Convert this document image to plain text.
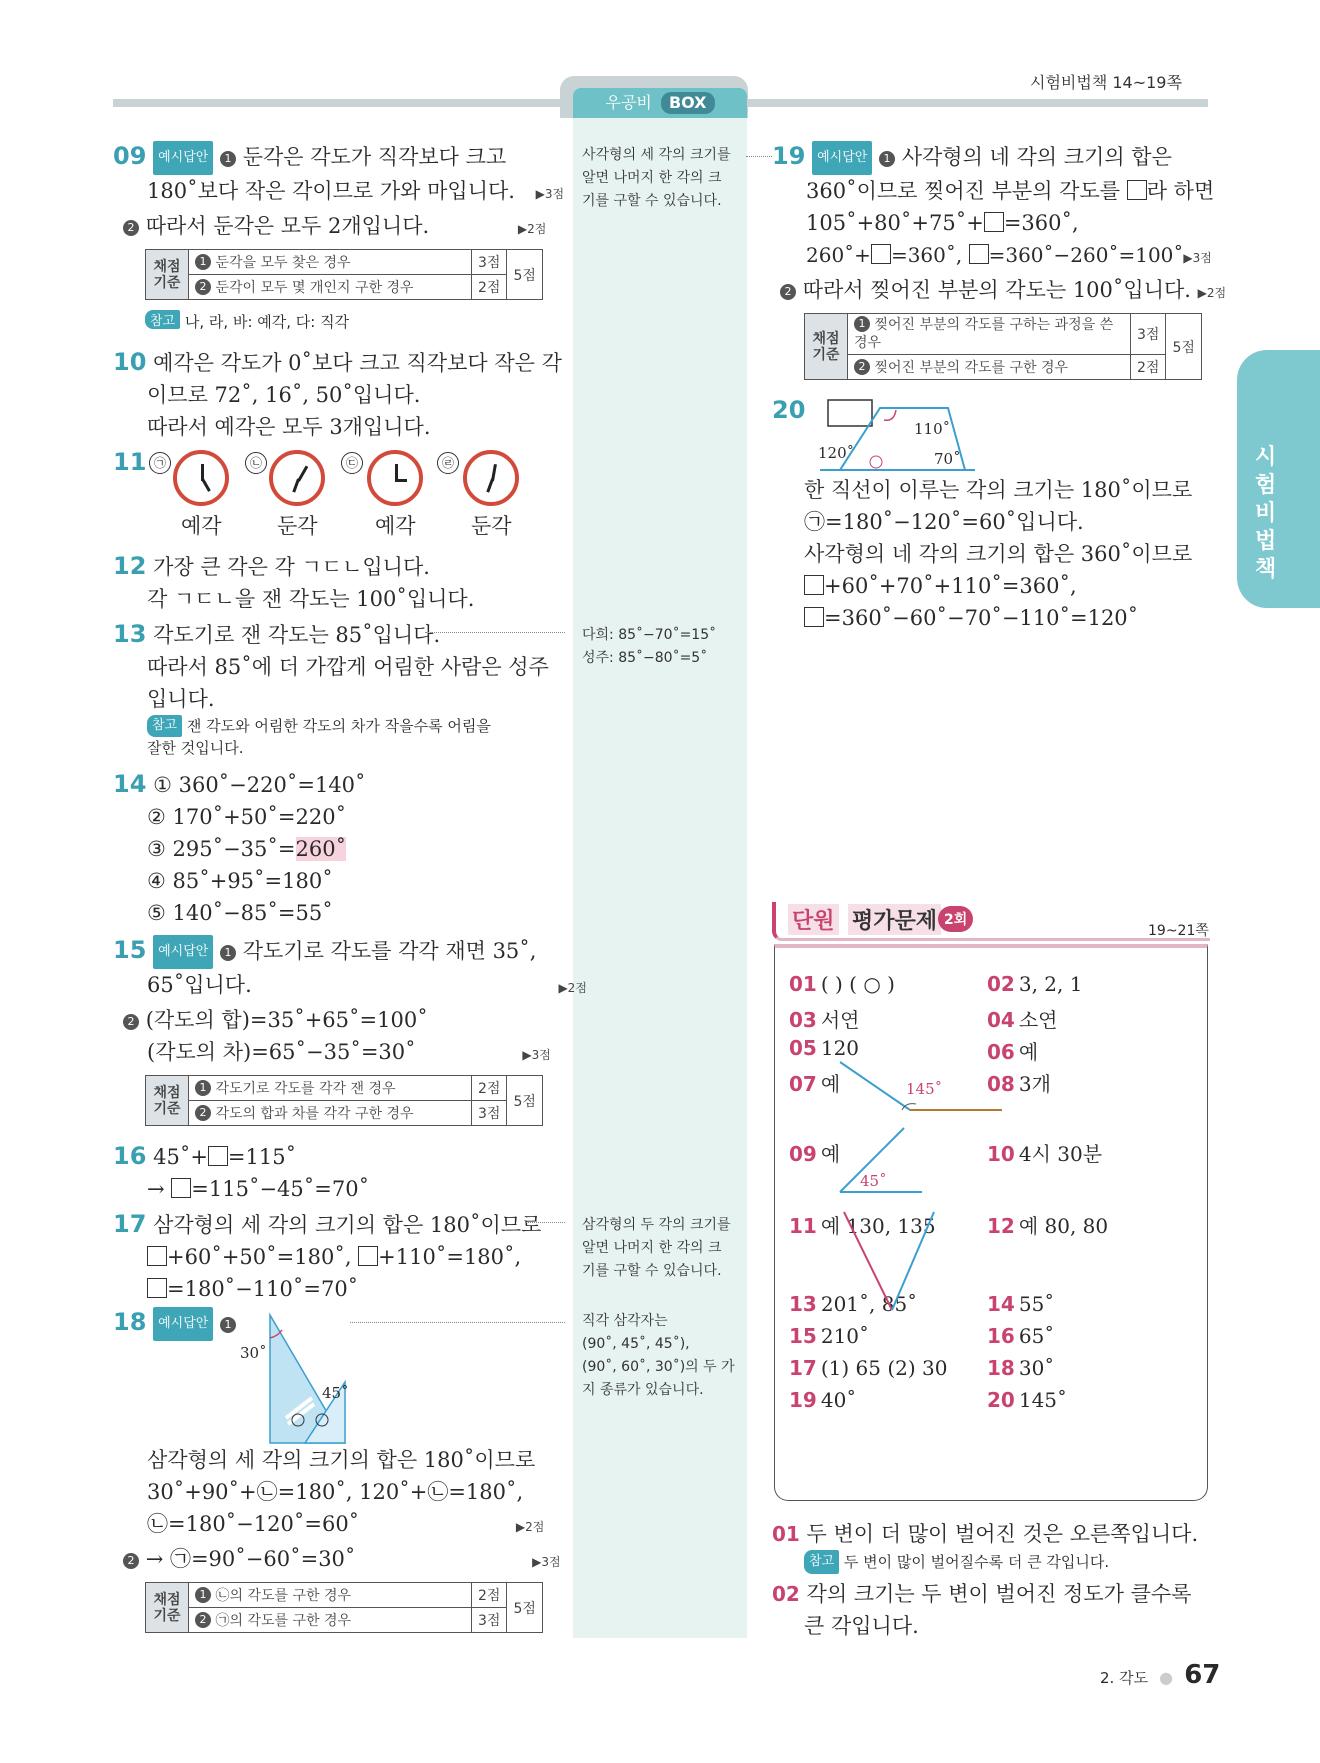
우공비 BOX
시험비법책 14~19쪽
시
험
비
법
책
09 예시답안 1 둔각은 각도가 직각보다 크고
180˚보다 작은 각이므로 가와 마입니다. ▶3점
2 따라서 둔각은 모두 2개입니다.	▶2점
채점
기준	1 둔각을 모두 찾은 경우	3점	5점
	2 둔각이 모두 몇 개인지 구한 경우	2점	
참고 나, 라, 바: 예각, 다: 직각
10 예각은 각도가 0˚보다 크고 직각보다 작은 각
이므로 72˚, 16˚, 50˚입니다.
따라서 예각은 모두 3개입니다.
11 ㉠	㉡	㉢	㉣
예각	둔각	예각	둔각
12 가장 큰 각은 각 ㄱㄷㄴ입니다.
각 ㄱㄷㄴ을 잰 각도는 100˚입니다.
13 각도기로 잰 각도는 85˚입니다.
따라서 85˚에 더 가깝게 어림한 사람은 성주
입니다.
참고 잰 각도와 어림한 각도의 차가 작을수록 어림을
잘한 것입니다.
14 ① 360˚−220˚=140˚
② 170˚+50˚=220˚
③ 295˚−35˚=260˚
④ 85˚+95˚=180˚
⑤ 140˚−85˚=55˚
15 예시답안 1 각도기로 각도를 각각 재면 35˚,
65˚입니다.	▶2점
2 (각도의 합)=35˚+65˚=100˚
(각도의 차)=65˚−35˚=30˚	▶3점
채점
기준	1 각도기로 각도를 각각 잰 경우	2점	5점
	2 각도의 합과 차를 각각 구한 경우	3점	
16 45˚+ =115˚
→ =115˚−45˚=70˚
17 삼각형의 세 각의 크기의 합은 180˚이므로
+60˚+50˚=180˚, +110˚=180˚,
=180˚−110˚=70˚
18 예시답안 1
30˚
45˚
삼각형의 세 각의 크기의 합은 180˚이므로
30˚+90˚+㉡=180˚, 120˚+㉡=180˚,
㉡=180˚−120˚=60˚	▶2점
2 → ㉠=90˚−60˚=30˚	▶3점
채점
기준	1 ㉡의 각도를 구한 경우	2점	5점
	2 ㉠의 각도를 구한 경우	3점	
사각형의 세 각의 크기를
알면 나머지 한 각의 크
기를 구할 수 있습니다.
다희: 85˚−70˚=15˚
성주: 85˚−80˚=5˚
삼각형의 두 각의 크기를
알면 나머지 한 각의 크
기를 구할 수 있습니다.
직각 삼각자는
(90˚, 45˚, 45˚),
(90˚, 60˚, 30˚)의 두 가
지 종류가 있습니다.
19 예시답안 1 사각형의 네 각의 크기의 합은
360˚이므로 찢어진 부분의 각도를 라 하면
105˚+80˚+75˚+ =360˚,
260˚+ =360˚, =360˚−260˚=100˚▶3점
2 따라서 찢어진 부분의 각도는 100˚입니다. ▶2점
채점
기준	1 찢어진 부분의 각도를 구하는 과정을 쓴
경우	3점	5점
	2 찢어진 부분의 각도를 구한 경우	2점	
20
110˚
120˚	70˚
한 직선이 이루는 각의 크기는 180˚이므로
㉠=180˚−120˚=60˚입니다.
사각형의 네 각의 크기의 합은 360˚이므로
+60˚+70˚+110˚=360˚,
=360˚−60˚−70˚−110˚=120˚
단원 평가문제 2회
19~21쪽
01 ( ) ( ○ )	02 3, 2, 1
03 서연	04 소연
05 120	06 예
07 예	08 3개
09 예	10 4시 30분
11 예 130, 135	12 예 80, 80
13 201˚, 85˚	14 55˚
15 210˚	16 65˚
17 (1) 65 (2) 30 18 30˚
19 40˚	20 145˚
145˚
45˚
01 두 변이 더 많이 벌어진 것은 오른쪽입니다.
참고 두 변이 많이 벌어질수록 더 큰 각입니다.
02 각의 크기는 두 변이 벌어진 정도가 클수록
큰 각입니다.
2. 각도 ● 67
